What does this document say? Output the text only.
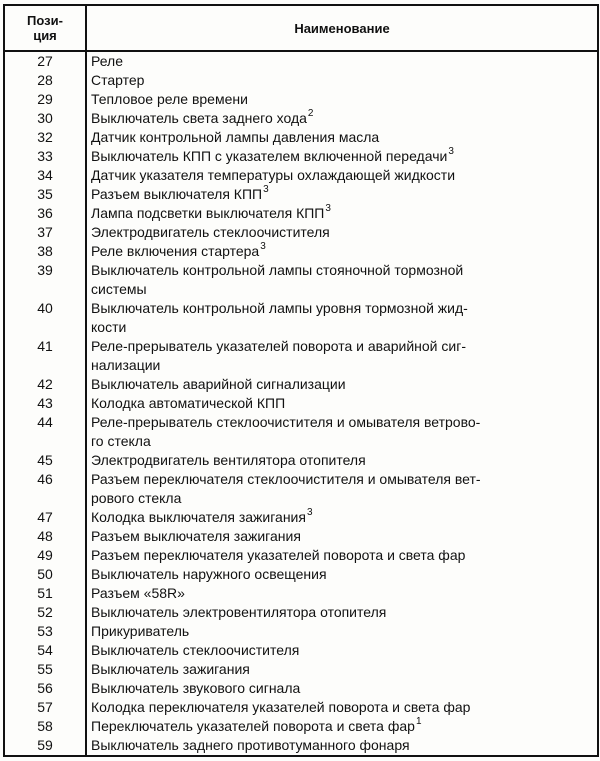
Пози-
ция	Наименование
27	Реле
28	Стартер
29	Тепловое реле времени
30	Выключатель света заднего хода$^2$
32	Датчик контрольной лампы давления масла
33	Выключатель КПП с указателем включенной передачи$^3$
34	Датчик указателя температуры охлаждающей жидкости
35	Разъем выключателя КПП$^3$
36	Лампа подсветки выключателя КПП$^3$
37	Электродвигатель стеклоочистителя
38	Реле включения стартера$^3$
39	Выключатель контрольной лампы стояночной тормозной
системы

40	Выключатель контрольной лампы уровня тормозной жид-
кости

41	Реле-прерыватель указателей поворота и аварийной сиг-
нализации

42	Выключатель аварийной сигнализации
43	Колодка автоматической КПП
44	Реле-прерыватель стеклоочистителя и омывателя ветрово-
го стекла

45	Электродвигатель вентилятора отопителя
46	Разъем переключателя стеклоочистителя и омывателя вет-
рового стекла

47	Колодка выключателя зажигания$^3$
48	Разъем выключателя зажигания
49	Разъем переключателя указателей поворота и света фар
50	Выключатель наружного освещения
51	Разъем «58R»
52	Выключатель электровентилятора отопителя
53	Прикуриватель
54	Выключатель стеклоочистителя
55	Выключатель зажигания
56	Выключатель звукового сигнала
57	Колодка переключателя указателей поворота и света фар
58	Переключатель указателей поворота и света фар$^1$
59	Выключатель заднего противотуманного фонаря
